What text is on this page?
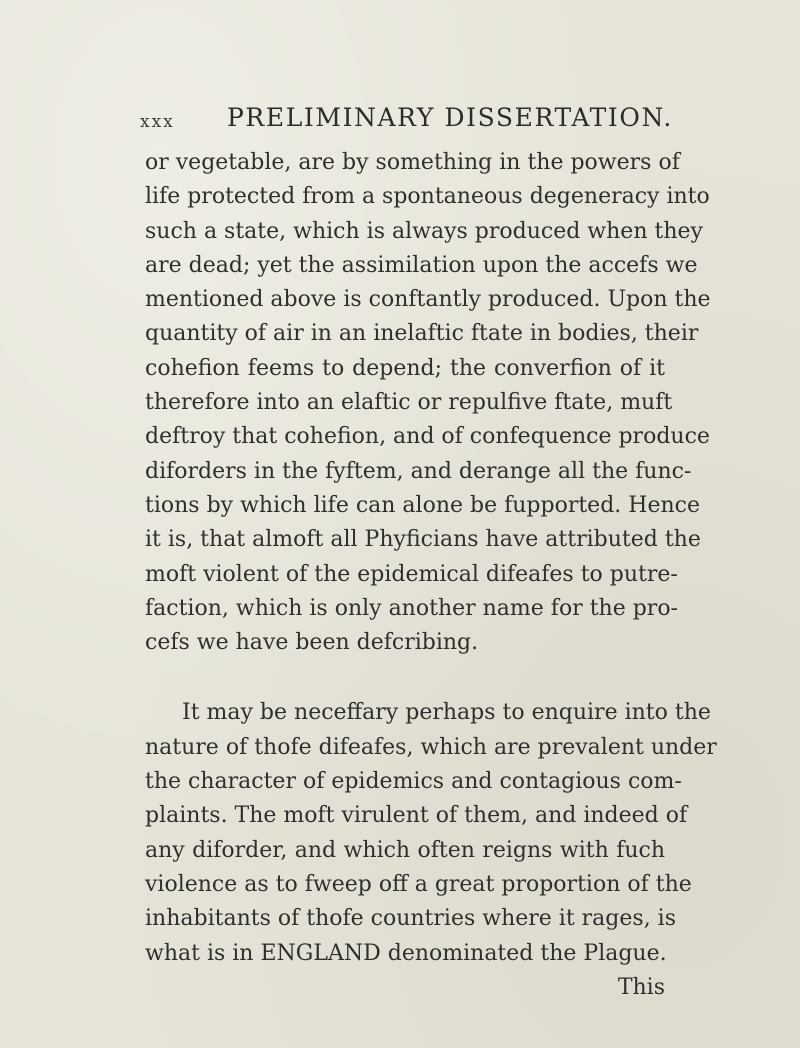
xxx PRELIMINARY DISSERTATION.
or vegetable, are by something in the powers of
life protected from a spontaneous degeneracy into
such a state, which is always produced when they
are dead; yet the assimilation upon the accefs we
mentioned above is conftantly produced. Upon the
quantity of air in an inelaftic ftate in bodies, their
cohefion feems to depend; the converfion of it
therefore into an elaftic or repulfive ftate, muft
deftroy that cohefion, and of confequence produce
diforders in the fyftem, and derange all the func-
tions by which life can alone be fupported. Hence
it is, that almoft all Phyficians have attributed the
moft violent of the epidemical difeafes to putre-
faction, which is only another name for the pro-
cefs we have been defcribing.
It may be neceffary perhaps to enquire into the
nature of thofe difeafes, which are prevalent under
the character of epidemics and contagious com-
plaints. The moft virulent of them, and indeed of
any diforder, and which often reigns with fuch
violence as to fweep off a great proportion of the
inhabitants of thofe countries where it rages, is
what is in ENGLAND denominated the Plague.
This
